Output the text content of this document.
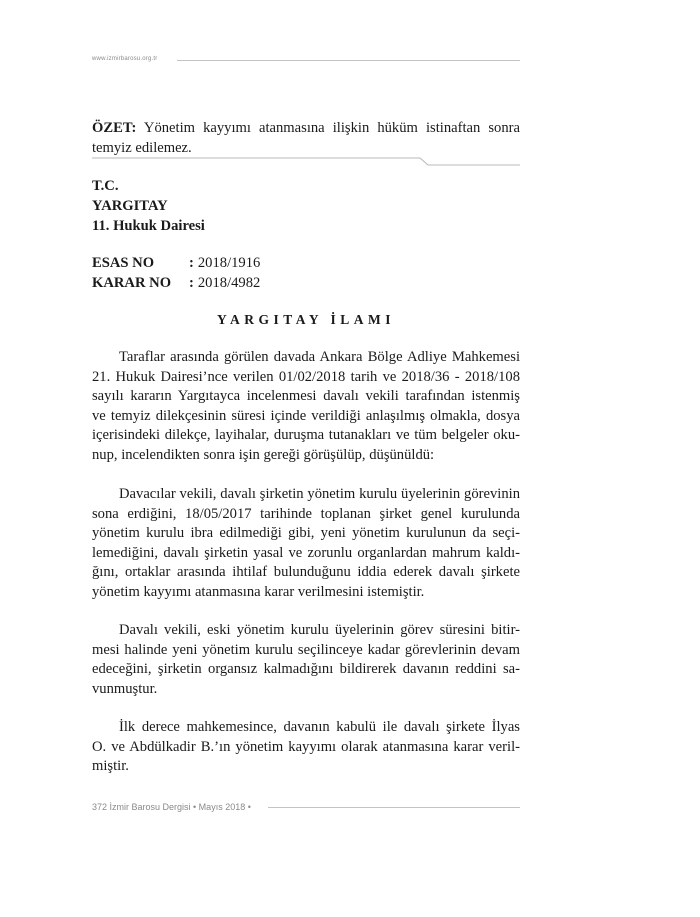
www.izmirbarosu.org.tr
ÖZET: Yönetim kayyımı atanmasına ilişkin hüküm istinaftan sonra temyiz edilemez.
T.C.
YARGITAY
11. Hukuk Dairesi
ESAS NO	: 2018/1916
KARAR NO	: 2018/4982
YARGITAY İLAMI
Taraflar arasında görülen davada Ankara Bölge Adliye Mahkemesi
21. Hukuk Dairesi’nce verilen 01/02/2018 tarih ve 2018/36 - 2018/108
sayılı kararın Yargıtayca incelenmesi davalı vekili tarafından istenmiş
ve temyiz dilekçesinin süresi içinde verildiği anlaşılmış olmakla, dosya
içerisindeki dilekçe, layihalar, duruşma tutanakları ve tüm belgeler oku-
nup, incelendikten sonra işin gereği görüşülüp, düşünüldü:
Davacılar vekili, davalı şirketin yönetim kurulu üyelerinin görevinin
sona erdiğini, 18/05/2017 tarihinde toplanan şirket genel kurulunda
yönetim kurulu ibra edilmediği gibi, yeni yönetim kurulunun da seçi-
lemediğini, davalı şirketin yasal ve zorunlu organlardan mahrum kaldı-
ğını, ortaklar arasında ihtilaf bulunduğunu iddia ederek davalı şirkete
yönetim kayyımı atanmasına karar verilmesini istemiştir.
Davalı vekili, eski yönetim kurulu üyelerinin görev süresini bitir-
mesi halinde yeni yönetim kurulu seçilinceye kadar görevlerinin devam
edeceğini, şirketin organsız kalmadığını bildirerek davanın reddini sa-
vunmuştur.
İlk derece mahkemesince, davanın kabulü ile davalı şirkete İlyas
O. ve Abdülkadir B.’ın yönetim kayyımı olarak atanmasına karar veril-
miştir.
372 İzmir Barosu Dergisi • Mayıs 2018 •
